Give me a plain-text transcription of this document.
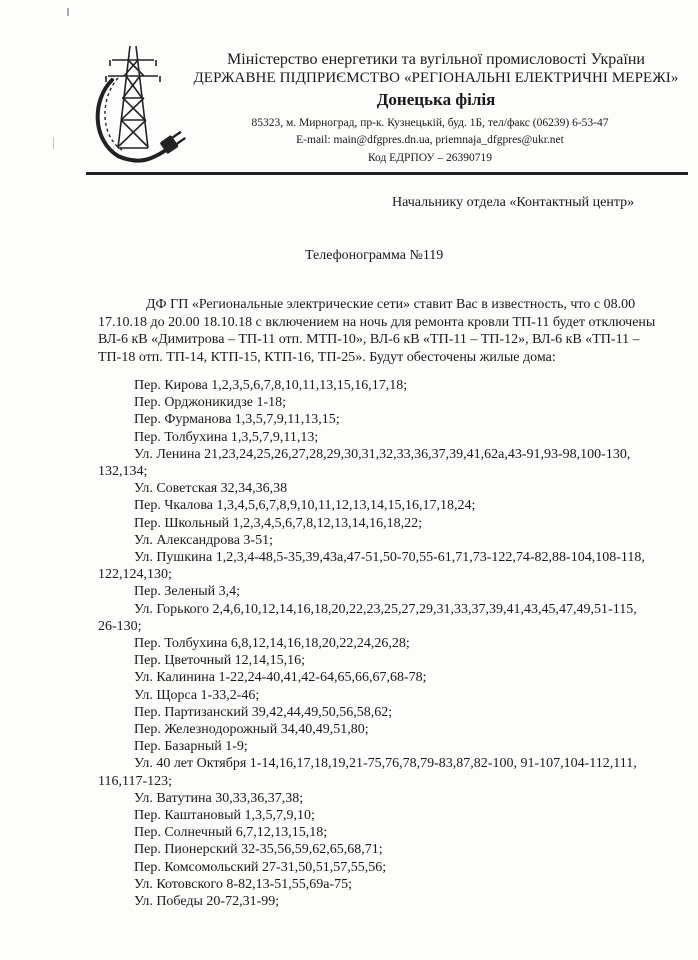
Міністерство енергетики та вугільної промисловості України
ДЕРЖАВНЕ ПІДПРИЄМСТВО «РЕГІОНАЛЬНІ ЕЛЕКТРИЧНІ МЕРЕЖІ»
Донецька філія
85323, м. Мирноград, пр-к. Кузнецькій, буд. 1Б, тел/факс (06239) 6-53-47
E-mail: main@dfgpres.dn.ua, priemnaja_dfgpres@ukr.net
Код ЕДРПОУ – 26390719
Начальнику отдела «Контактный центр»
Телефонограмма №119
ДФ ГП «Региональные электрические сети» ставит Вас в известность, что с 08.00
17.10.18 до 20.00 18.10.18 с включением на ночь для ремонта кровли ТП-11 будет отключены
ВЛ-6 кВ «Димитрова – ТП-11 отп. МТП-10», ВЛ-6 кВ «ТП-11 – ТП-12», ВЛ-6 кВ «ТП-11 –
ТП-18 отп. ТП-14, КТП-15, КТП-16, ТП-25». Будут обесточены жилые дома:
Пер. Кирова 1,2,3,5,6,7,8,10,11,13,15,16,17,18;
Пер. Орджоникидзе 1-18;
Пер. Фурманова 1,3,5,7,9,11,13,15;
Пер. Толбухина 1,3,5,7,9,11,13;
Ул. Ленина 21,23,24,25,26,27,28,29,30,31,32,33,36,37,39,41,62а,43-91,93-98,100-130,
132,134;
Ул. Советская 32,34,36,38
Пер. Чкалова 1,3,4,5,6,7,8,9,10,11,12,13,14,15,16,17,18,24;
Пер. Школьный 1,2,3,4,5,6,7,8,12,13,14,16,18,22;
Ул. Александрова 3-51;
Ул. Пушкина 1,2,3,4-48,5-35,39,43а,47-51,50-70,55-61,71,73-122,74-82,88-104,108-118,
122,124,130;
Пер. Зеленый 3,4;
Ул. Горького 2,4,6,10,12,14,16,18,20,22,23,25,27,29,31,33,37,39,41,43,45,47,49,51-115,
26-130;
Пер. Толбухина 6,8,12,14,16,18,20,22,24,26,28;
Пер. Цветочный 12,14,15,16;
Ул. Калинина 1-22,24-40,41,42-64,65,66,67,68-78;
Ул. Щорса 1-33,2-46;
Пер. Партизанский 39,42,44,49,50,56,58,62;
Пер. Железнодорожный 34,40,49,51,80;
Пер. Базарный 1-9;
Ул. 40 лет Октября 1-14,16,17,18,19,21-75,76,78,79-83,87,82-100, 91-107,104-112,111,
116,117-123;
Ул. Ватутина 30,33,36,37,38;
Пер. Каштановый 1,3,5,7,9,10;
Пер. Солнечный 6,7,12,13,15,18;
Пер. Пионерский 32-35,56,59,62,65,68,71;
Пер. Комсомольский 27-31,50,51,57,55,56;
Ул. Котовского 8-82,13-51,55,69а-75;
Ул. Победы 20-72,31-99;
